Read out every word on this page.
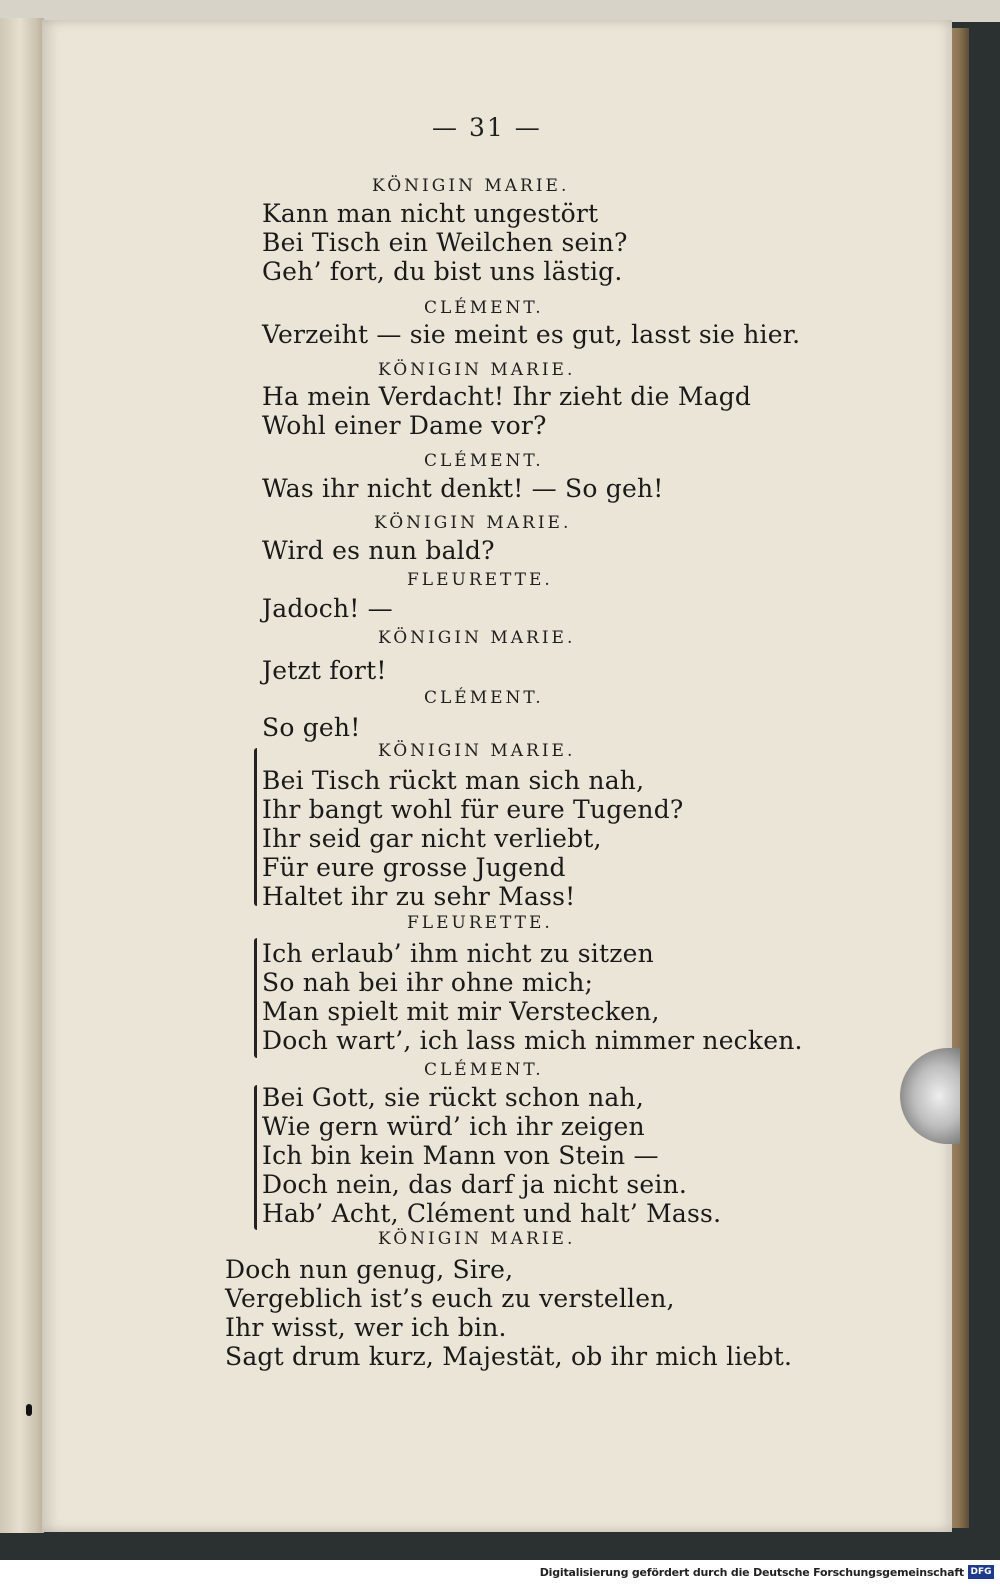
— 31 —
KÖNIGIN MARIE.
Kann man nicht ungestört
Bei Tisch ein Weilchen sein?
Geh’ fort, du bist uns lästig.
CLÉMENT.
Verzeiht — sie meint es gut, lasst sie hier.
KÖNIGIN MARIE.
Ha mein Verdacht! Ihr zieht die Magd
Wohl einer Dame vor?
CLÉMENT.
Was ihr nicht denkt! — So geh!
KÖNIGIN MARIE.
Wird es nun bald?
FLEURETTE.
Jadoch! —
KÖNIGIN MARIE.
Jetzt fort!
CLÉMENT.
So geh!
KÖNIGIN MARIE.
Bei Tisch rückt man sich nah,
Ihr bangt wohl für eure Tugend?
Ihr seid gar nicht verliebt,
Für eure grosse Jugend
Haltet ihr zu sehr Mass!
FLEURETTE.
Ich erlaub’ ihm nicht zu sitzen
So nah bei ihr ohne mich;
Man spielt mit mir Verstecken,
Doch wart’, ich lass mich nimmer necken.
CLÉMENT.
Bei Gott, sie rückt schon nah,
Wie gern würd’ ich ihr zeigen
Ich bin kein Mann von Stein —
Doch nein, das darf ja nicht sein.
Hab’ Acht, Clément und halt’ Mass.
KÖNIGIN MARIE.
Doch nun genug, Sire,
Vergeblich ist’s euch zu verstellen,
Ihr wisst, wer ich bin.
Sagt drum kurz, Majestät, ob ihr mich liebt.
Digitalisierung gefördert durch die Deutsche Forschungsgemeinschaft DFG
